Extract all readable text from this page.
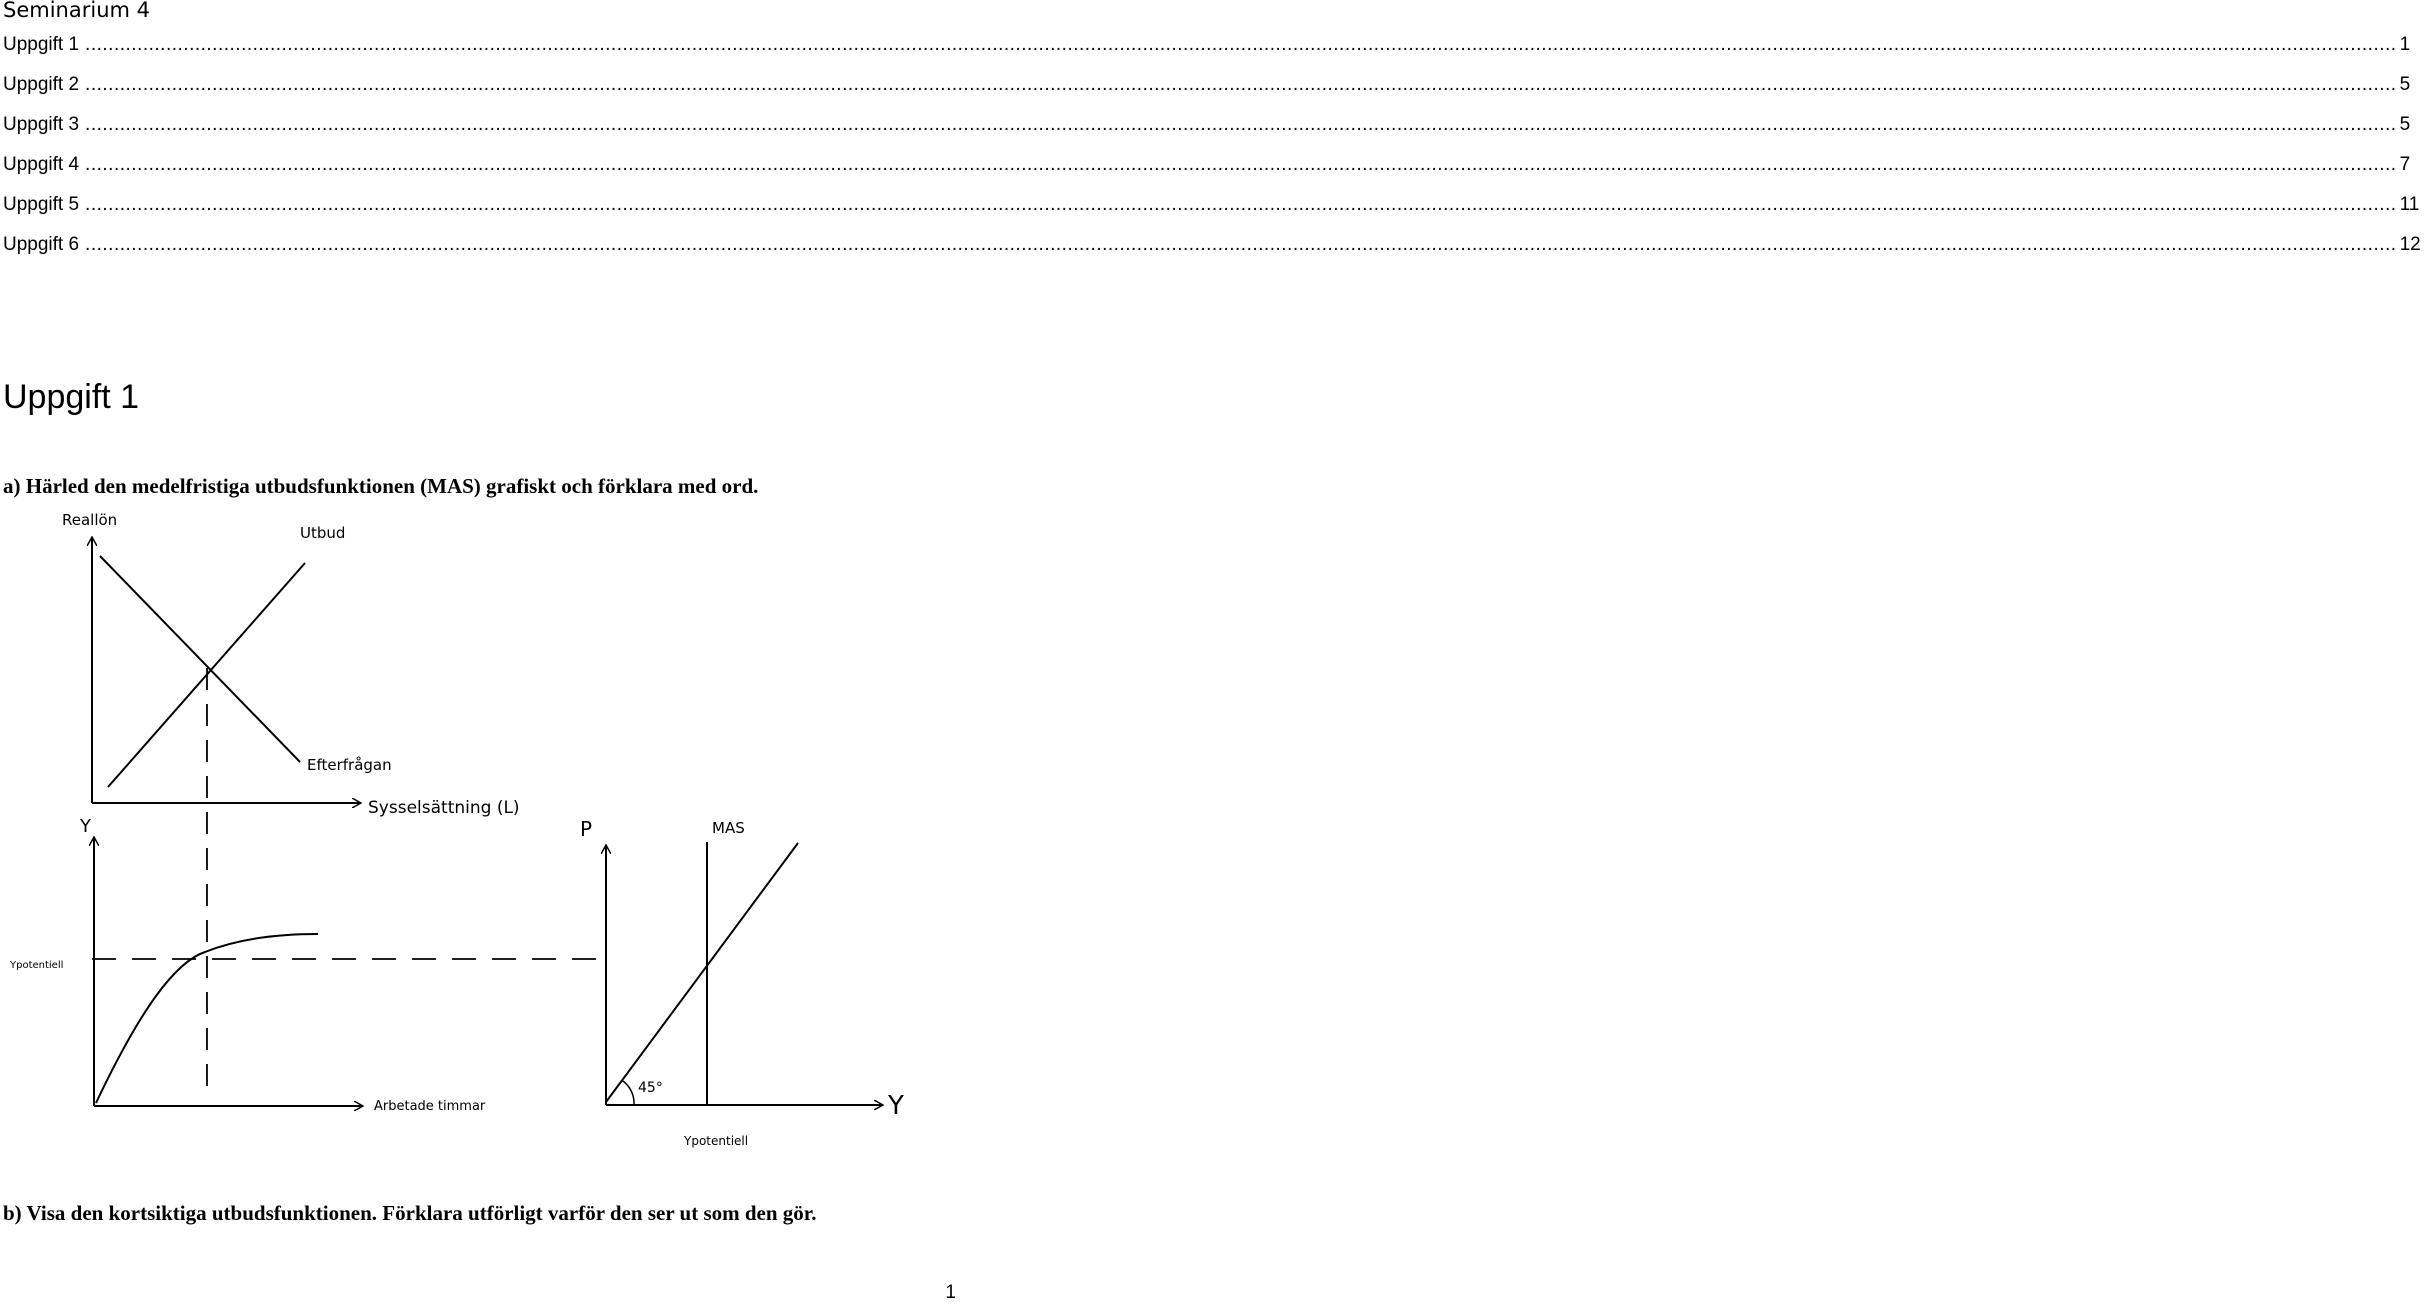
Seminarium 4
Uppgift 1 ................................................................................................................................................................................................................................................................................................................................................................................................................ 1
Uppgift 2 ................................................................................................................................................................................................................................................................................................................................................................................................................ 5
Uppgift 3 ................................................................................................................................................................................................................................................................................................................................................................................................................ 5
Uppgift 4 ................................................................................................................................................................................................................................................................................................................................................................................................................ 7
Uppgift 5 ................................................................................................................................................................................................................................................................................................................................................................................................................ 11
Uppgift 6 ................................................................................................................................................................................................................................................................................................................................................................................................................ 12
Uppgift 1
a) Härled den medelfristiga utbudsfunktionen (MAS) grafiskt och förklara med ord.
Reallön
Utbud
Efterfrågan
Sysselsättning (L)
Y
Ypotentiell
Arbetade timmar
P	MAS
45°
Y
Ypotentiell
b) Visa den kortsiktiga utbudsfunktionen. Förklara utförligt varför den ser ut som den gör.
1
